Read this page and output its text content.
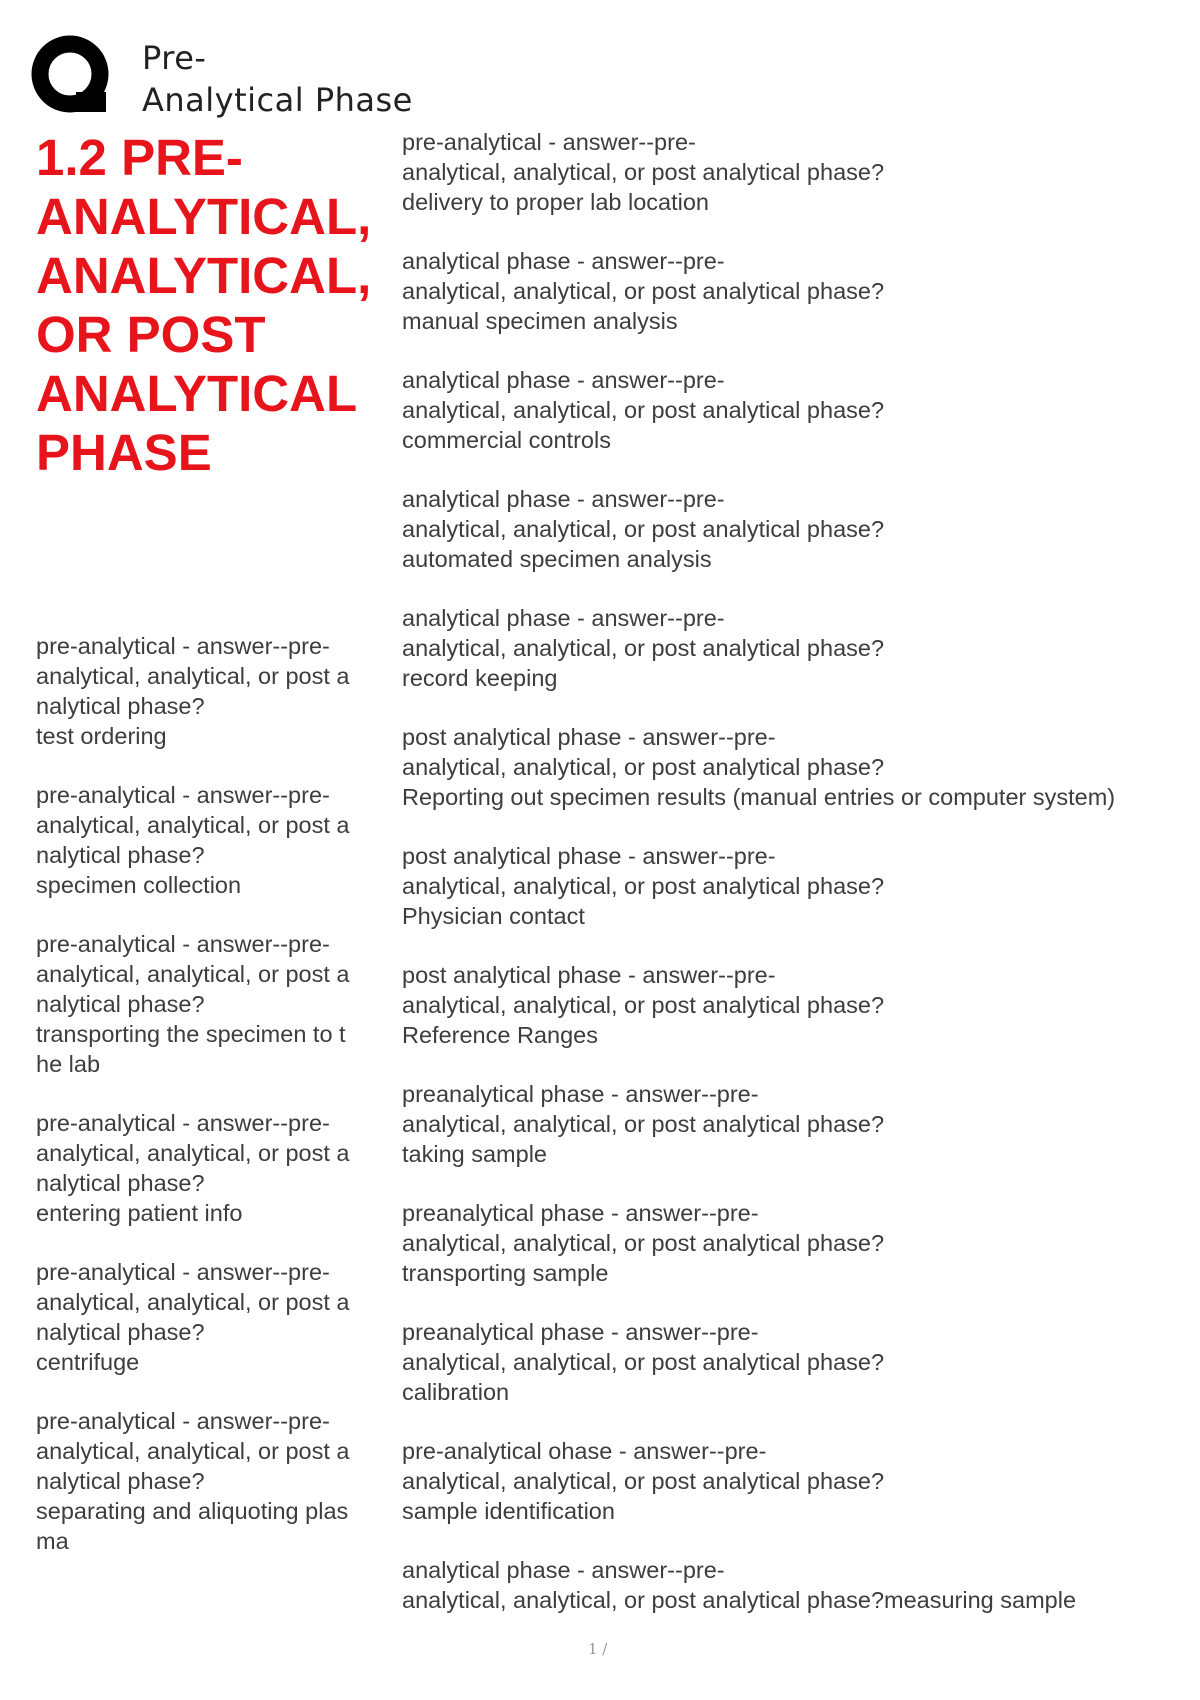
Pre-
Analytical Phase
1.2 PRE-
ANALYTICAL,
ANALYTICAL,
OR POST
ANALYTICAL
PHASE
pre-analytical - answer--pre-
analytical, analytical, or post a
nalytical phase?
test ordering
pre-analytical - answer--pre-
analytical, analytical, or post a
nalytical phase?
specimen collection
pre-analytical - answer--pre-
analytical, analytical, or post a
nalytical phase?
transporting the specimen to t
he lab
pre-analytical - answer--pre-
analytical, analytical, or post a
nalytical phase?
entering patient info
pre-analytical - answer--pre-
analytical, analytical, or post a
nalytical phase?
centrifuge
pre-analytical - answer--pre-
analytical, analytical, or post a
nalytical phase?
separating and aliquoting plas
ma
pre-analytical - answer--pre-
analytical, analytical, or post analytical phase?
delivery to proper lab location
analytical phase - answer--pre-
analytical, analytical, or post analytical phase?
manual specimen analysis
analytical phase - answer--pre-
analytical, analytical, or post analytical phase?
commercial controls
analytical phase - answer--pre-
analytical, analytical, or post analytical phase?
automated specimen analysis
analytical phase - answer--pre-
analytical, analytical, or post analytical phase?
record keeping
post analytical phase - answer--pre-
analytical, analytical, or post analytical phase?
Reporting out specimen results (manual entries or computer system)
post analytical phase - answer--pre-
analytical, analytical, or post analytical phase?
Physician contact
post analytical phase - answer--pre-
analytical, analytical, or post analytical phase?
Reference Ranges
preanalytical phase - answer--pre-
analytical, analytical, or post analytical phase?
taking sample
preanalytical phase - answer--pre-
analytical, analytical, or post analytical phase?
transporting sample
preanalytical phase - answer--pre-
analytical, analytical, or post analytical phase?
calibration
pre-analytical ohase - answer--pre-
analytical, analytical, or post analytical phase?
sample identification
analytical phase - answer--pre-
analytical, analytical, or post analytical phase?measuring sample
1 /
